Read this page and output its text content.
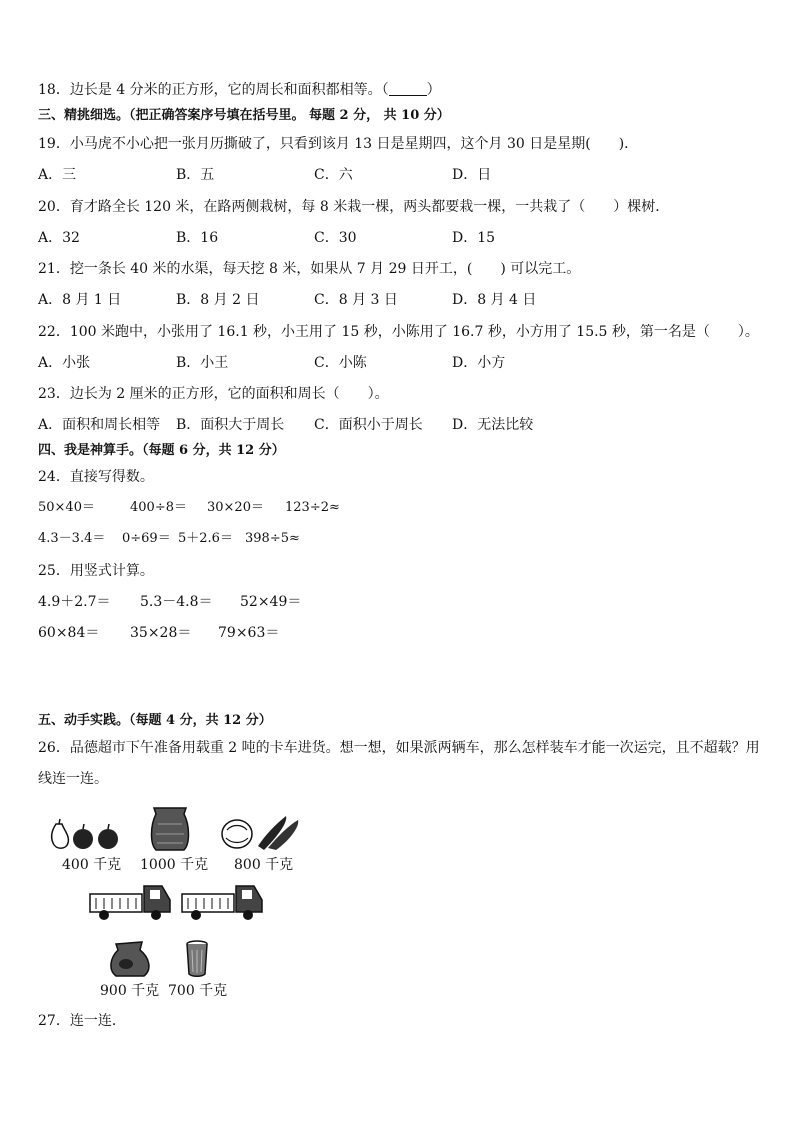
18．边长是 4 分米的正方形，它的周长和面积都相等。（	）
三、精挑细选。（把正确答案序号填在括号里。 每题 2 分， 共 10 分）
19．小马虎不小心把一张月历撕破了，只看到该月 13 日是星期四，这个月 30 日是星期(　　)．
A．三	B．五	C．六	D．日
20．育才路全长 120 米，在路两侧栽树，每 8 米栽一棵，两头都要栽一棵，一共栽了（　　）棵树．
A．32	B．16	C．30	D．15
21．挖一条长 40 米的水渠，每天挖 8 米，如果从 7 月 29 日开工，(　　) 可以完工。
A．8 月 1 日	B．8 月 2 日	C．8 月 3 日	D．8 月 4 日
22．100 米跑中，小张用了 16.1 秒，小王用了 15 秒，小陈用了 16.7 秒，小方用了 15.5 秒，第一名是（　　）。
A．小张	B．小王	C．小陈	D．小方
23．边长为 2 厘米的正方形，它的面积和周长（　　）。
A．面积和周长相等 B．面积大于周长 C．面积小于周长 D．无法比较
四、我是神算手。（每题 6 分，共 12 分）
24．直接写得数。
50×40＝	400÷8＝ 30×20＝ 123÷2≈
4.3－3.4＝ 0÷69＝ 5＋2.6＝ 398÷5≈
25．用竖式计算。
4.9＋2.7＝ 5.3－4.8＝ 52×49＝
60×84＝ 35×28＝ 79×63＝
五、动手实践。（每题 4 分，共 12 分）
26．品德超市下午准备用载重 2 吨的卡车进货。想一想，如果派两辆车，那么怎样装车才能一次运完，且不超载？用
线连一连。
400 千克 1000 千克 800 千克
900 千克 700 千克
27．连一连．
